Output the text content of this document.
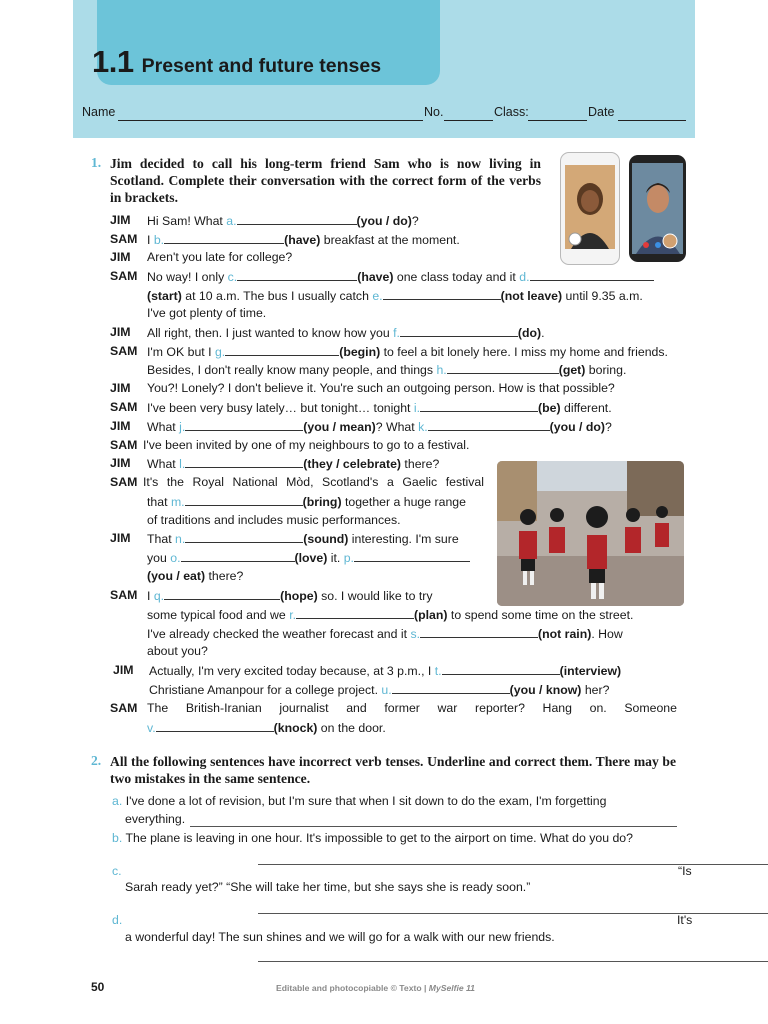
1.1 Present and future tenses
Name	No.	Class:	Date
1. Jim decided to call his long-term friend Sam who is now living in Scotland. Complete their conversation with the correct form of the verbs in brackets.
JIM Hi Sam! What a.	(you / do)?
SAM I b.	(have) breakfast at the moment.
JIM Aren't you late for college?
SAM No way! I only c.	(have) one class today and it d.
(start) at 10 a.m. The bus I usually catch e.	(not leave) until 9.35 a.m.
I've got plenty of time.
JIM All right, then. I just wanted to know how you f.	(do).
SAM I'm OK but I g.	(begin) to feel a bit lonely here. I miss my home and friends.
Besides, I don't really know many people, and things h.	(get) boring.
JIM You?! Lonely? I don't believe it. You're such an outgoing person. How is that possible?
SAM I've been very busy lately… but tonight… tonight i.	(be) different.
JIM What j.	(you / mean)? What k.	(you / do)?
SAM I've been invited by one of my neighbours to go to a festival.
JIM What l.	(they / celebrate) there?
SAM It's the Royal National Mòd, Scotland's a Gaelic festival
that m.	(bring) together a huge range
of traditions and includes music performances.
JIM That n.	(sound) interesting. I'm sure
you o.	(love) it. p.
(you / eat) there?
SAM I q.	(hope) so. I would like to try
some typical food and we r.	(plan) to spend some time on the street.
I've already checked the weather forecast and it s.	(not rain). How
about you?
JIM Actually, I'm very excited today because, at 3 p.m., I t.	(interview)
Christiane Amanpour for a college project. u.	(you / know) her?
SAM The British-Iranian journalist and former war reporter? Hang on. Someone
v.	(knock) on the door.
2. All the following sentences have incorrect verb tenses. Underline and correct them. There may be two mistakes in the same sentence.
a. I've done a lot of revision, but I'm sure that when I sit down to do the exam, I'm forgetting
everything.
b. The plane is leaving in one hour. It's impossible to get to the airport on time. What do you do?
c.	“Is
Sarah ready yet?” “She will take her time, but she says she is ready soon.”
d.	It's
a wonderful day! The sun shines and we will go for a walk with our new friends.
50	Editable and photocopiable © Texto | MySelfie 11
